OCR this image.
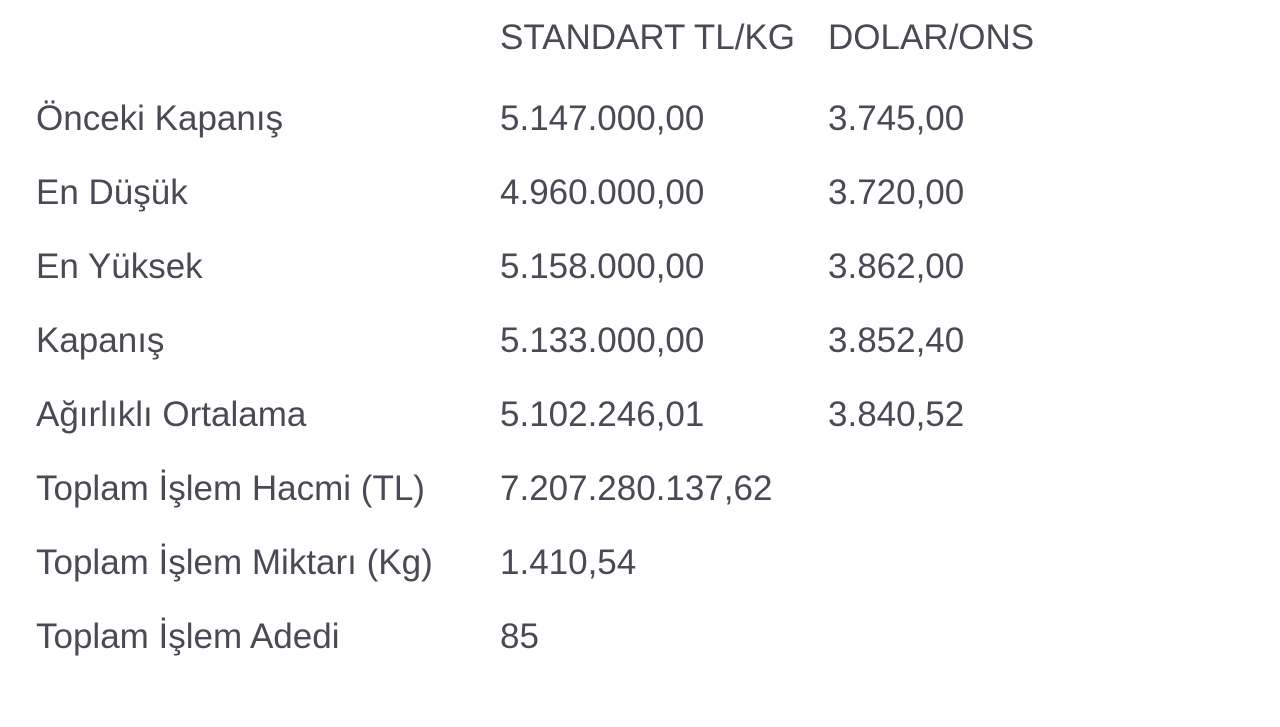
	STANDART TL/KG	DOLAR/ONS
Önceki Kapanış	5.147.000,00	3.745,00
En Düşük	4.960.000,00	3.720,00
En Yüksek	5.158.000,00	3.862,00
Kapanış	5.133.000,00	3.852,40
Ağırlıklı Ortalama	5.102.246,01	3.840,52
Toplam İşlem Hacmi (TL)	7.207.280.137,62	
Toplam İşlem Miktarı (Kg)	1.410,54	
Toplam İşlem Adedi	85	
